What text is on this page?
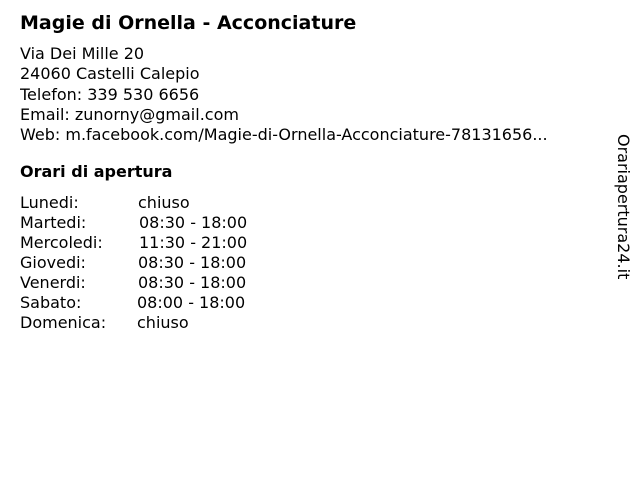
Magie di Ornella - Acconciature
Via Dei Mille 20
24060 Castelli Calepio
Telefon: 339 530 6656
Email: zunorny@gmail.com
Web: m.facebook.com/Magie-di-Ornella-Acconciature-78131656...
Orari di apertura
Lunedi:	chiuso
Martedi:	08:30 - 18:00
Mercoledi: 11:30 - 21:00
Giovedi:	08:30 - 18:00
Venerdi:	08:30 - 18:00
Sabato:	08:00 - 18:00
Domenica: chiuso
Orariaperturа24.it
